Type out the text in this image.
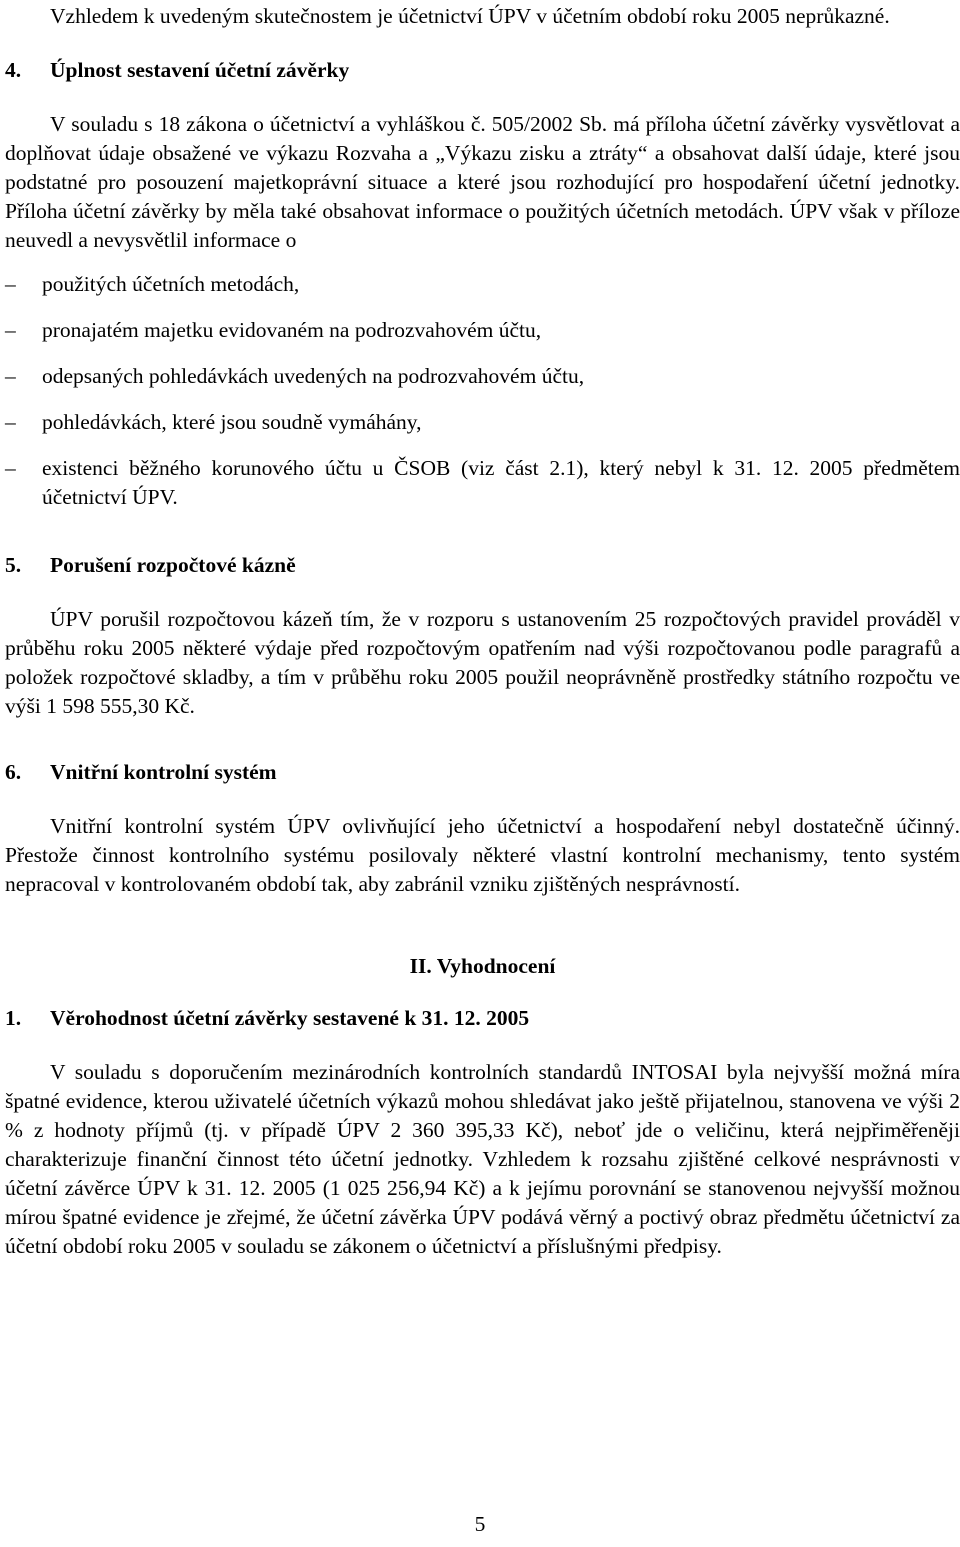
Vzhledem k uvedeným skutečnostem je účetnictví ÚPV v účetním období roku 2005 neprůkazné.

4. Úplnost sestavení účetní závěrky

V souladu s 18 zákona o účetnictví a vyhláškou č. 505/2002 Sb. má příloha účetní závěrky vysvětlovat a doplňovat údaje obsažené ve výkazu Rozvaha a „Výkazu zisku a ztráty“ a obsahovat další údaje, které jsou podstatné pro posouzení majetkoprávní situace a které jsou rozhodující pro hospodaření účetní jednotky. Příloha účetní závěrky by měla také obsahovat informace o použitých účetních metodách. ÚPV však v příloze neuvedl a nevysvětlil informace o

– použitých účetních metodách,
– pronajatém majetku evidovaném na podrozvahovém účtu,
– odepsaných pohledávkách uvedených na podrozvahovém účtu,
– pohledávkách, které jsou soudně vymáhány,
– existenci běžného korunového účtu u ČSOB (viz část 2.1), který nebyl k 31. 12. 2005 předmětem účetnictví ÚPV.
5. Porušení rozpočtové kázně

ÚPV porušil rozpočtovou kázeň tím, že v rozporu s ustanovením 25 rozpočtových pravidel prováděl v průběhu roku 2005 některé výdaje před rozpočtovým opatřením nad výši rozpočtovanou podle paragrafů a položek rozpočtové skladby, a tím v průběhu roku 2005 použil neoprávněně prostředky státního rozpočtu ve výši 1 598 555,30 Kč.

6. Vnitřní kontrolní systém

Vnitřní kontrolní systém ÚPV ovlivňující jeho účetnictví a hospodaření nebyl dostatečně účinný. Přestože činnost kontrolního systému posilovaly některé vlastní kontrolní mechanismy, tento systém nepracoval v kontrolovaném období tak, aby zabránil vzniku zjištěných nesprávností.

II. Vyhodnocení
1. Věrohodnost účetní závěrky sestavené k 31. 12. 2005

V souladu s doporučením mezinárodních kontrolních standardů INTOSAI byla nejvyšší možná míra špatné evidence, kterou uživatelé účetních výkazů mohou shledávat jako ještě přijatelnou, stanovena ve výši 2 % z hodnoty příjmů (tj. v případě ÚPV 2 360 395,33 Kč), neboť jde o veličinu, která nejpřiměřeněji charakterizuje finanční činnost této účetní jednotky. Vzhledem k rozsahu zjištěné celkové nesprávnosti v účetní závěrce ÚPV k 31. 12. 2005 (1 025 256,94 Kč) a k jejímu porovnání se stanovenou nejvyšší možnou mírou špatné evidence je zřejmé, že účetní závěrka ÚPV podává věrný a poctivý obraz předmětu účetnictví za účetní období roku 2005 v souladu se zákonem o účetnictví a příslušnými předpisy.

5
